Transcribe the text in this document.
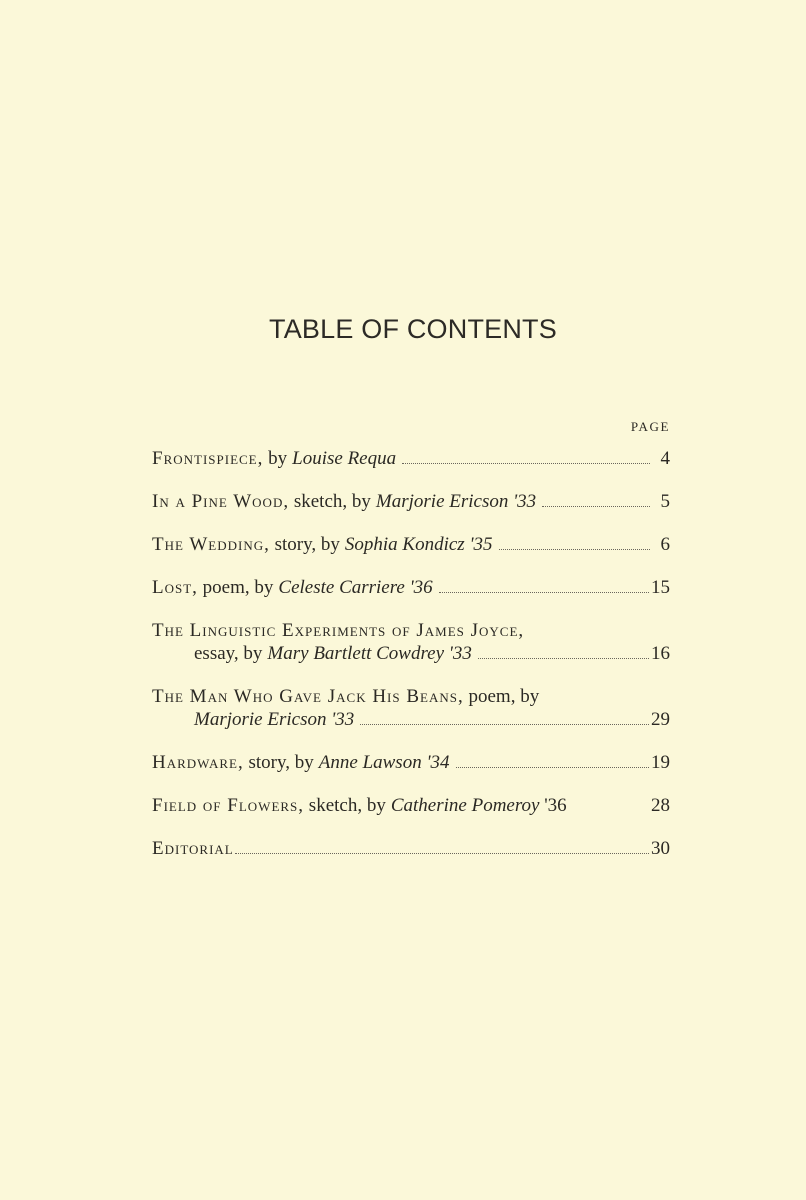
TABLE OF CONTENTS
PAGE
Frontispiece,
by Louise Requa	4
In a Pine Wood,
sketch, by Marjorie Ericson '33	5
The Wedding,
story, by Sophia Kondicz '35	6
Lost,
poem, by Celeste Carriere '36	15
The Linguistic Experiments of James Joyce,
essay, by Mary Bartlett Cowdrey '33	16
The Man Who Gave Jack His Beans,
poem, by
Marjorie Ericson '33	29
Hardware,
story, by Anne Lawson '34	19
Field of Flowers,
sketch, by Catherine Pomeroy
'36	28
Editorial	30
